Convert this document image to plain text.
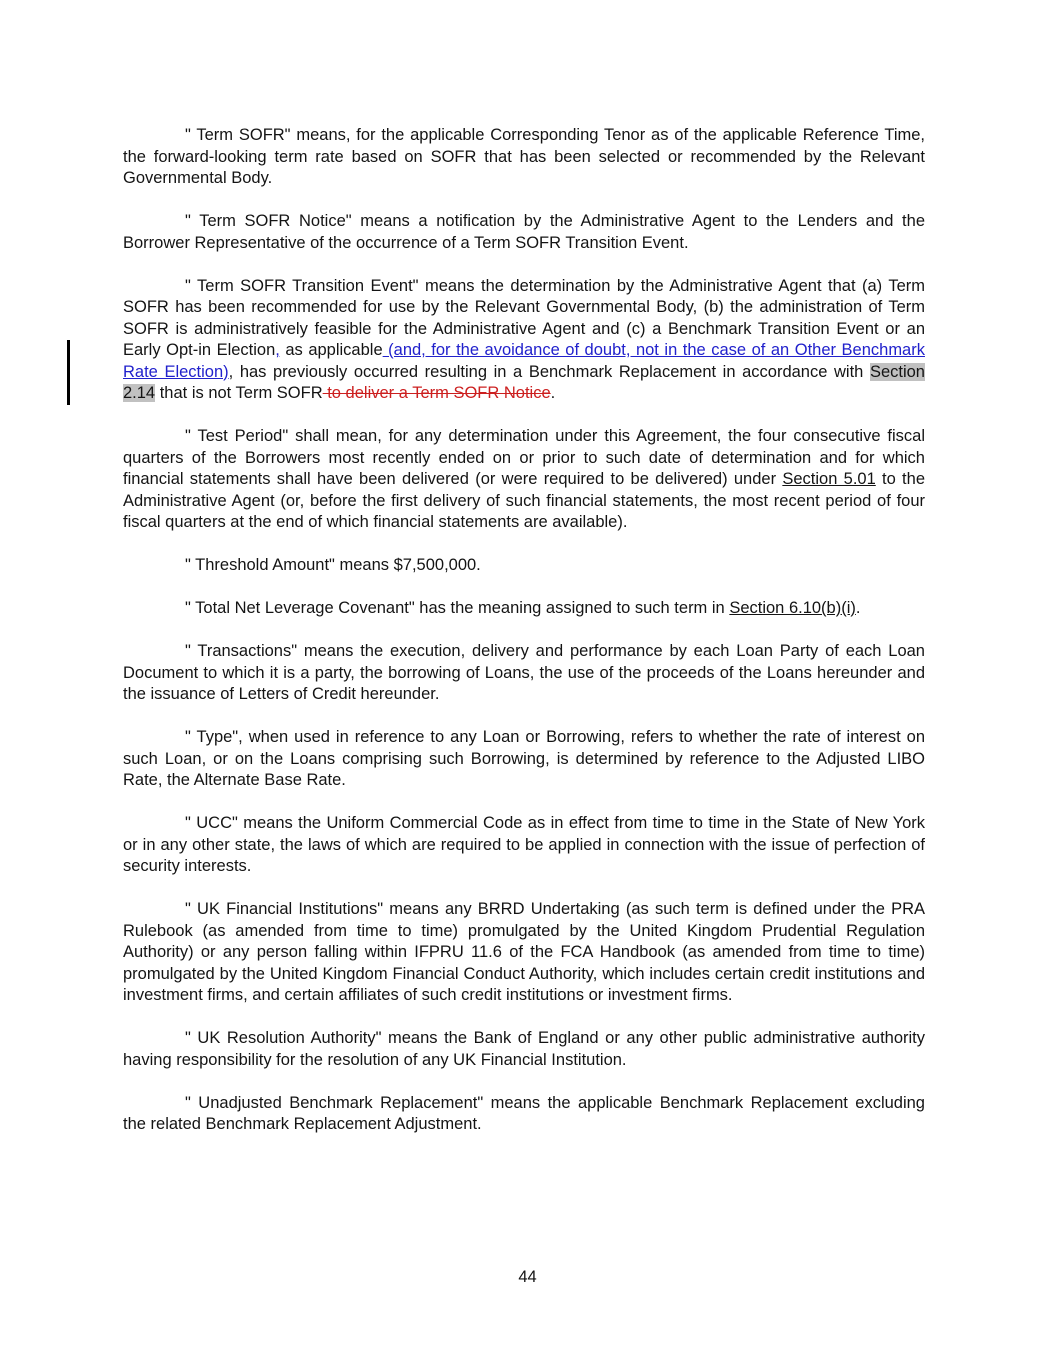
" Term SOFR" means, for the applicable Corresponding Tenor as of the applicable Reference Time, the forward-looking term rate based on SOFR that has been selected or recommended by the Relevant Governmental Body.

" Term SOFR Notice" means a notification by the Administrative Agent to the Lenders and the Borrower Representative of the occurrence of a Term SOFR Transition Event.

" Term SOFR Transition Event" means the determination by the Administrative Agent that (a) Term SOFR has been recommended for use by the Relevant Governmental Body, (b) the administration of Term SOFR is administratively feasible for the Administrative Agent and (c) a Benchmark Transition Event or an Early Opt-in Election, as applicable (and, for the avoidance of doubt, not in the case of an Other Benchmark Rate Election), has previously occurred resulting in a Benchmark Replacement in accordance with Section 2.14
that is not Term SOFR to deliver a Term SOFR Notice.

" Test Period" shall mean, for any determination under this Agreement, the four consecutive fiscal quarters of the Borrowers most recently ended on or prior to such date of determination and for which financial statements shall have been delivered (or were required to be delivered) under Section 5.01 to the Administrative Agent (or, before the first delivery of such financial statements, the most recent period of four fiscal quarters at the end of which financial statements are available).

" Threshold Amount" means $7,500,000.

" Total Net Leverage Covenant" has the meaning assigned to such term in Section 6.10(b)(i).

" Transactions" means the execution, delivery and performance by each Loan Party of each Loan Document to which it is a party, the borrowing of Loans, the use of the proceeds of the Loans hereunder and the issuance of Letters of Credit hereunder.

" Type", when used in reference to any Loan or Borrowing, refers to whether the rate of interest on such Loan, or on the Loans comprising such Borrowing, is determined by reference to the Adjusted LIBO Rate, the Alternate Base Rate.

" UCC" means the Uniform Commercial Code as in effect from time to time in the State of New York or in any other state, the laws of which are required to be applied in connection with the issue of perfection of security interests.

" UK Financial Institutions" means any BRRD Undertaking (as such term is defined under the PRA Rulebook (as amended from time to time) promulgated by the United Kingdom Prudential Regulation Authority) or any person falling within IFPRU 11.6 of the FCA Handbook (as amended from time to time) promulgated by the United Kingdom Financial Conduct Authority, which includes certain credit institutions and investment firms, and certain affiliates of such credit institutions or investment firms.

" UK Resolution Authority" means the Bank of England or any other public administrative authority having responsibility for the resolution of any UK Financial Institution.

" Unadjusted Benchmark Replacement" means the applicable Benchmark Replacement excluding the related Benchmark Replacement Adjustment.

44
